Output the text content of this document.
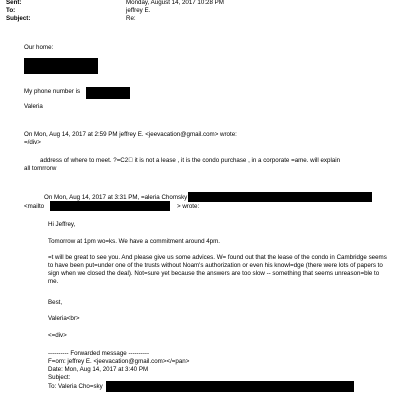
Sent:	Monday, August 14, 2017 10:28 PM
To:	jeffrey E.
Subject:	Re:
Our home:
My phone number is
Valeria
On Mon, Aug 14, 2017 at 2:59 PM jeffrey E. <jeevacation@gmail.com> wrote:
=/div>
address of where to meet. ?=C2  it is not a lease , it is the condo purchase , in a corporate =ame. will explain
all tomrrorw
On Mon, Aug 14, 2017 at 3:31 PM, =aleria Chomsky
<mailto	> wrote:
Hi Jeffrey,
Tomorrow at 1pm wo=ks. We have a commitment around 4pm.
=t will be great to see you. And please give us some advices. W= found out that the lease of the condo in Cambridge seems to have been put=under one of the trusts without Noam's authorization or even his knowl=dge (there were lots of papers to sign when we closed the deal). Not=sure yet because the answers are too slow -- something that seems unreason=ble to me.
Best,
Valeria<br>
<=div>
---------- Forwarded message ----------
F=om: jeffrey E. <jeevacation@gmail.com></=pan>
Date: Mon, Aug 14, 2017 at 3:40 PM
Subject:
To: Valeria Cho=sky
